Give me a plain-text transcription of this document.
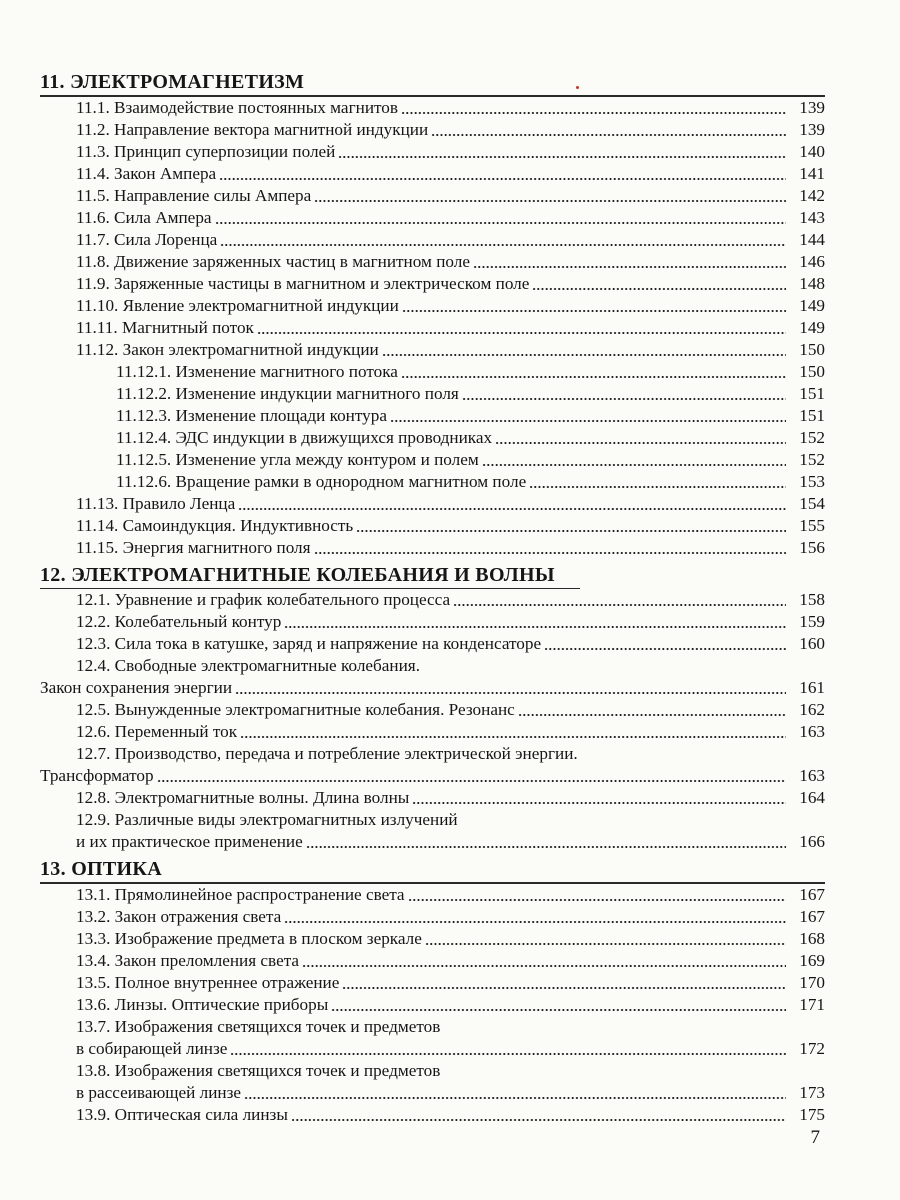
11. ЭЛЕКТРОМАГНЕТИЗМ
11.1. Взаимодействие постоянных магнитов	139
11.2. Направление вектора магнитной индукции	139
11.3. Принцип суперпозиции полей	140
11.4. Закон Ампера	141
11.5. Направление силы Ампера	142
11.6. Сила Ампера	143
11.7. Сила Лоренца	144
11.8. Движение заряженных частиц в магнитном поле	146
11.9. Заряженные частицы в магнитном и электрическом поле	148
11.10. Явление электромагнитной индукции	149
11.11. Магнитный поток	149
11.12. Закон электромагнитной индукции	150
11.12.1. Изменение магнитного потока	150
11.12.2. Изменение индукции магнитного поля	151
11.12.3. Изменение площади контура	151
11.12.4. ЭДС индукции в движущихся проводниках	152
11.12.5. Изменение угла между контуром и полем	152
11.12.6. Вращение рамки в однородном магнитном поле	153
11.13. Правило Ленца	154
11.14. Самоиндукция. Индуктивность	155
11.15. Энергия магнитного поля	156
12. ЭЛЕКТРОМАГНИТНЫЕ КОЛЕБАНИЯ И ВОЛНЫ
12.1. Уравнение и график колебательного процесса	158
12.2. Колебательный контур	159
12.3. Сила тока в катушке, заряд и напряжение на конденсаторе	160
12.4. Свободные электромагнитные колебания.
Закон сохранения энергии	161
12.5. Вынужденные электромагнитные колебания. Резонанс	162
12.6. Переменный ток	163
12.7. Производство, передача и потребление электрической энергии.
Трансформатор	163
12.8. Электромагнитные волны. Длина волны	164
12.9. Различные виды электромагнитных излучений
и их практическое применение	166
13. ОПТИКА
13.1. Прямолинейное распространение света	167
13.2. Закон отражения света	167
13.3. Изображение предмета в плоском зеркале	168
13.4. Закон преломления света	169
13.5. Полное внутреннее отражение	170
13.6. Линзы. Оптические приборы	171
13.7. Изображения светящихся точек и предметов
в собирающей линзе	172
13.8. Изображения светящихся точек и предметов
в рассеивающей линзе	173
13.9. Оптическая сила линзы	175
7
